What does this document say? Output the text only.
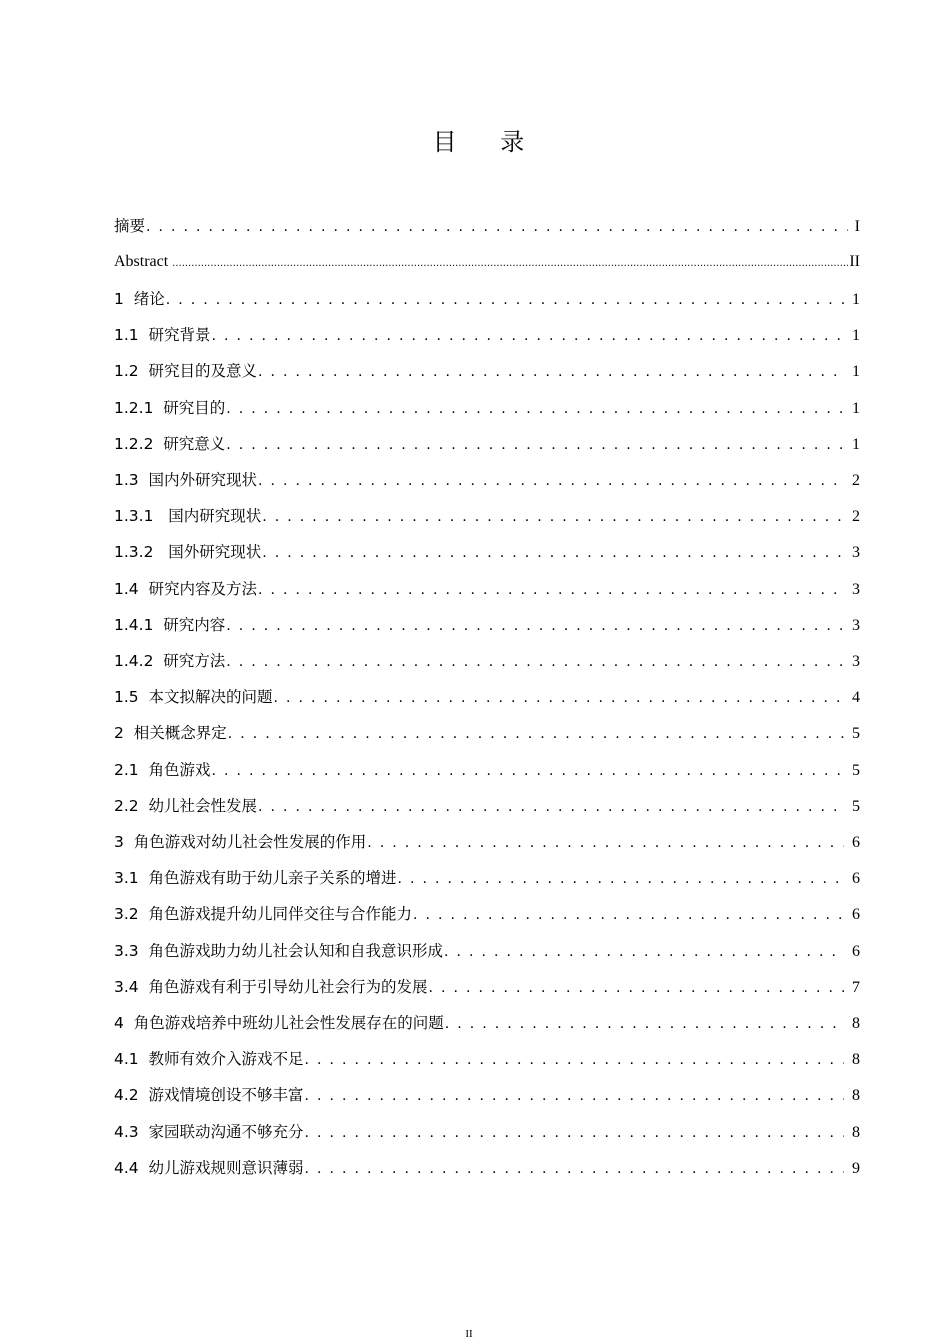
目 录
摘要 . . .	I
Abstract .....	II
1  绪论 . . .	1
1.1  研究背景 . . .	1
1.2  研究目的及意义 . . .	1
1.2.1  研究目的 . . .	1
1.2.2  研究意义 . . .	1
1.3  国内外研究现状 . . .	2
1.3.1   国内研究现状 . . .	2
1.3.2   国外研究现状 . . .	3
1.4  研究内容及方法 . . .	3
1.4.1  研究内容 . . .	3
1.4.2  研究方法 . . .	3
1.5  本文拟解决的问题 . . .	4
2  相关概念界定 . . .	5
2.1  角色游戏 . . .	5
2.2  幼儿社会性发展 . . .	5
3  角色游戏对幼儿社会性发展的作用 . . .	6
3.1  角色游戏有助于幼儿亲子关系的增进 . . .	6
3.2  角色游戏提升幼儿同伴交往与合作能力 . . .	6
3.3  角色游戏助力幼儿社会认知和自我意识形成 . . .	6
3.4  角色游戏有利于引导幼儿社会行为的发展 . . .	7
4  角色游戏培养中班幼儿社会性发展存在的问题 . . .	8
4.1  教师有效介入游戏不足 . . .	8
4.2  游戏情境创设不够丰富 . . .	8
4.3  家园联动沟通不够充分 . . .	8
4.4  幼儿游戏规则意识薄弱 . . .	9
II
